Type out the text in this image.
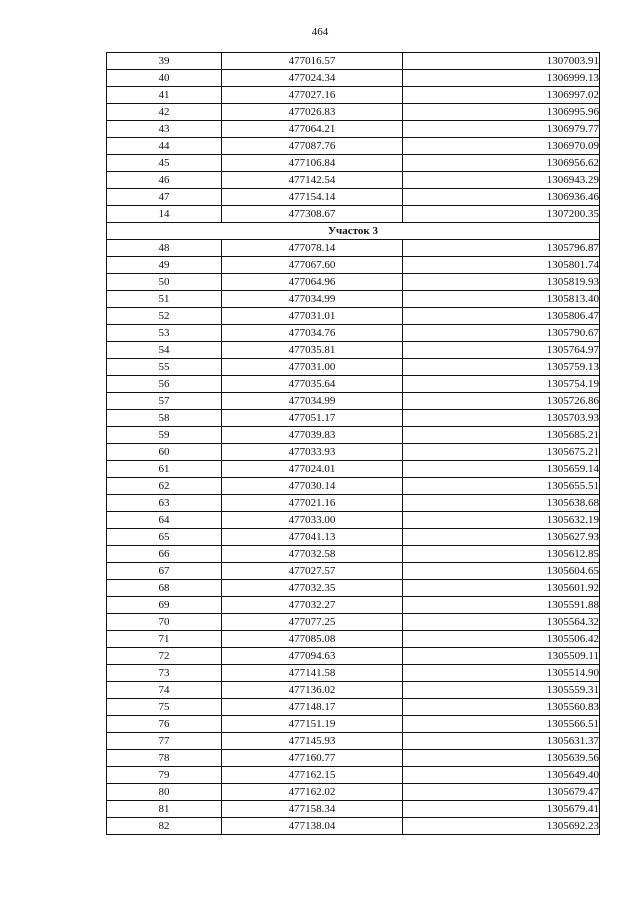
464
39	477016.57	1307003.91
40	477024.34	1306999.13
41	477027.16	1306997.02
42	477026.83	1306995.96
43	477064.21	1306979.77
44	477087.76	1306970.09
45	477106.84	1306956.62
46	477142.54	1306943.29
47	477154.14	1306936.46
14	477308.67	1307200.35
Участок 3		
48	477078.14	1305796.87
49	477067.60	1305801.74
50	477064.96	1305819.93
51	477034.99	1305813.40
52	477031.01	1305806.47
53	477034.76	1305790.67
54	477035.81	1305764.97
55	477031.00	1305759.13
56	477035.64	1305754.19
57	477034.99	1305726.86
58	477051.17	1305703.93
59	477039.83	1305685.21
60	477033.93	1305675.21
61	477024.01	1305659.14
62	477030.14	1305655.51
63	477021.16	1305638.68
64	477033.00	1305632.19
65	477041.13	1305627.93
66	477032.58	1305612.85
67	477027.57	1305604.65
68	477032.35	1305601.92
69	477032.27	1305591.88
70	477077.25	1305564.32
71	477085.08	1305506.42
72	477094.63	1305509.11
73	477141.58	1305514.90
74	477136.02	1305559.31
75	477148.17	1305560.83
76	477151.19	1305566.51
77	477145.93	1305631.37
78	477160.77	1305639.56
79	477162.15	1305649.40
80	477162.02	1305679.47
81	477158.34	1305679.41
82	477138.04	1305692.23
